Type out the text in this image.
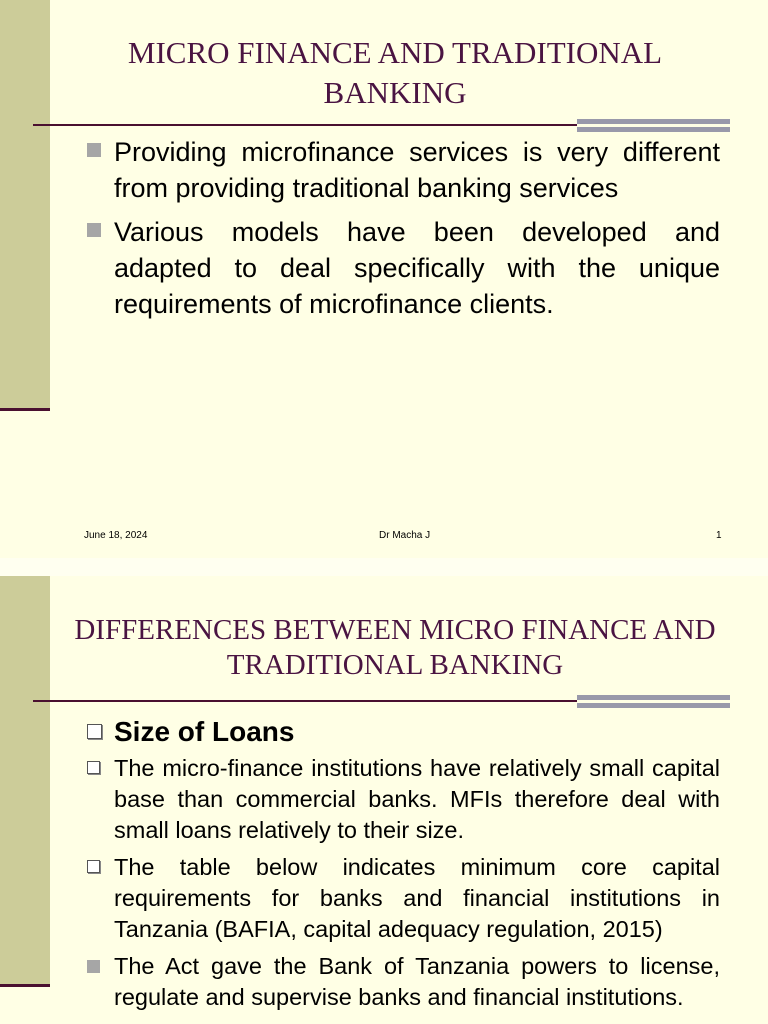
MICRO FINANCE AND TRADITIONAL BANKING
Providing microfinance services is very different from providing traditional banking services
Various models have been developed and adapted to deal specifically with the unique requirements of microfinance clients.
June 18, 2024	Dr Macha J	1
DIFFERENCES BETWEEN MICRO FINANCE AND TRADITIONAL BANKING
Size of Loans
The micro-finance institutions have relatively small capital base than commercial banks. MFIs therefore deal with small loans relatively to their size.
The table below indicates minimum core capital requirements for banks and financial institutions in Tanzania (BAFIA, capital adequacy regulation, 2015)
The Act gave the Bank of Tanzania powers to license, regulate and supervise banks and financial institutions.
